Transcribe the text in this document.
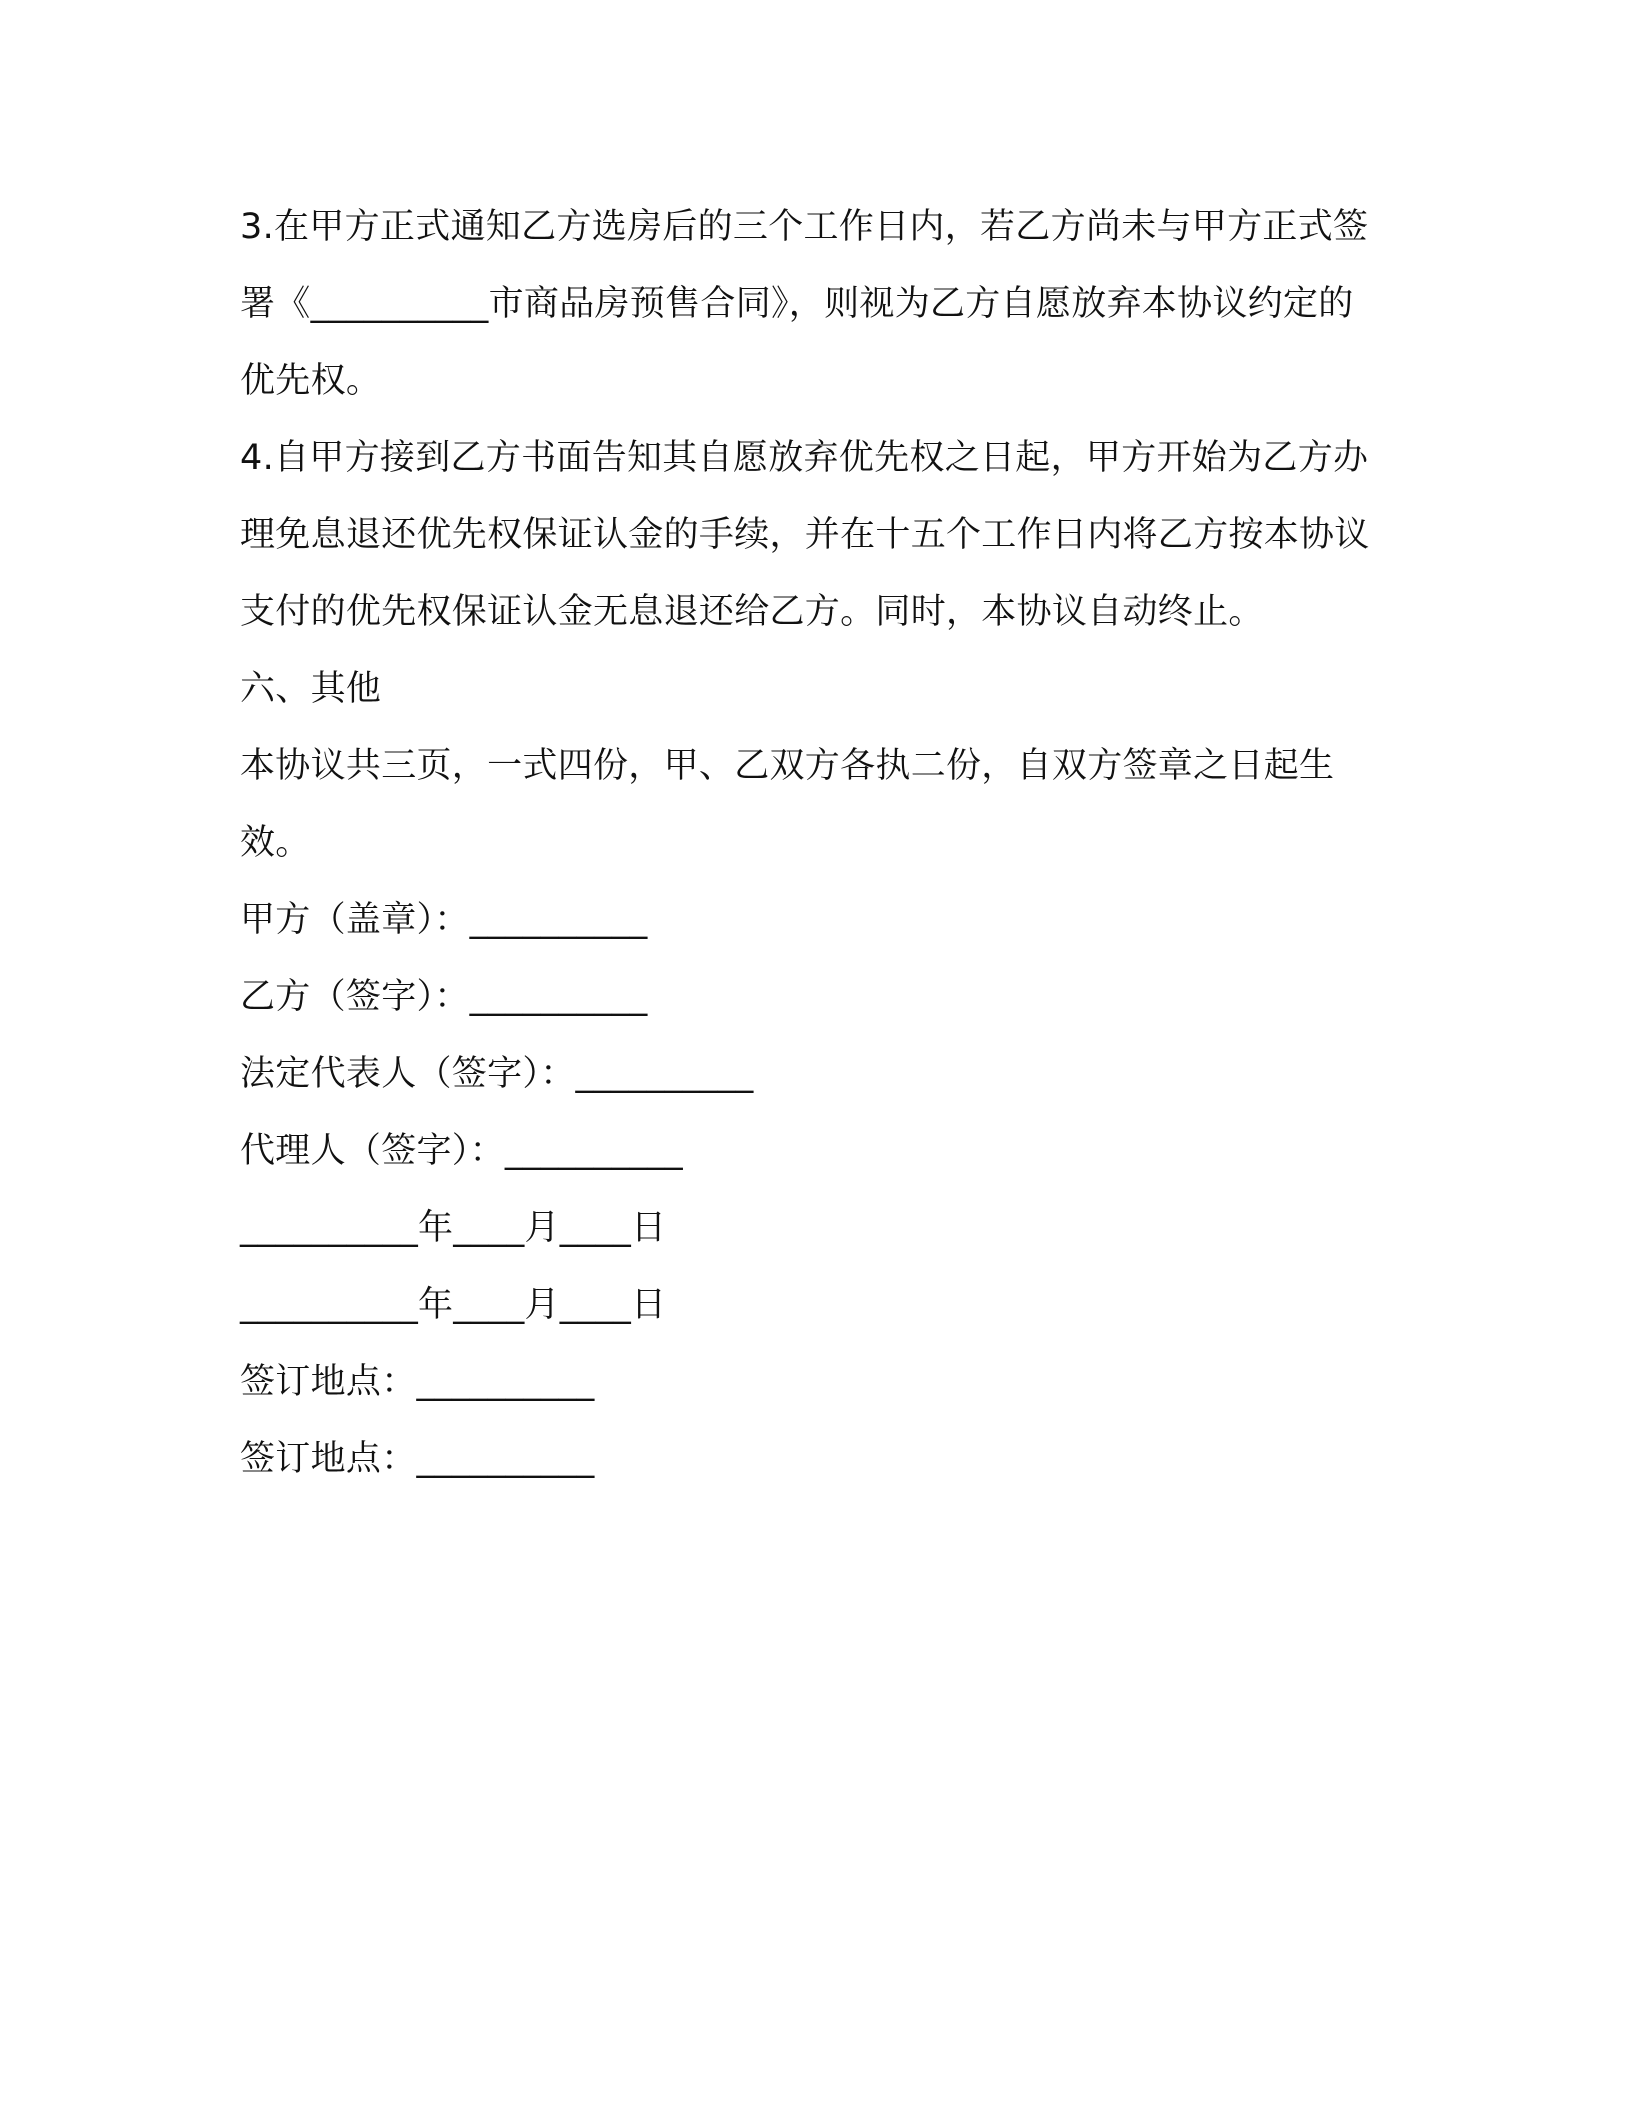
3.在甲方正式通知乙方选房后的三个工作日内，若乙方尚未与甲方正式签署《__________市商品房预售合同》，则视为乙方自愿放弃本协议约定的优先权。

4.自甲方接到乙方书面告知其自愿放弃优先权之日起，甲方开始为乙方办理免息退还优先权保证认金的手续，并在十五个工作日内将乙方按本协议支付的优先权保证认金无息退还给乙方。同时，本协议自动终止。

六、其他

本协议共三页，一式四份，甲、乙双方各执二份，自双方签章之日起生效。

甲方（盖章）：__________

乙方（签字）：__________

法定代表人（签字）：__________

代理人（签字）：__________

__________年____月____日

__________年____月____日

签订地点：__________

签订地点：__________
